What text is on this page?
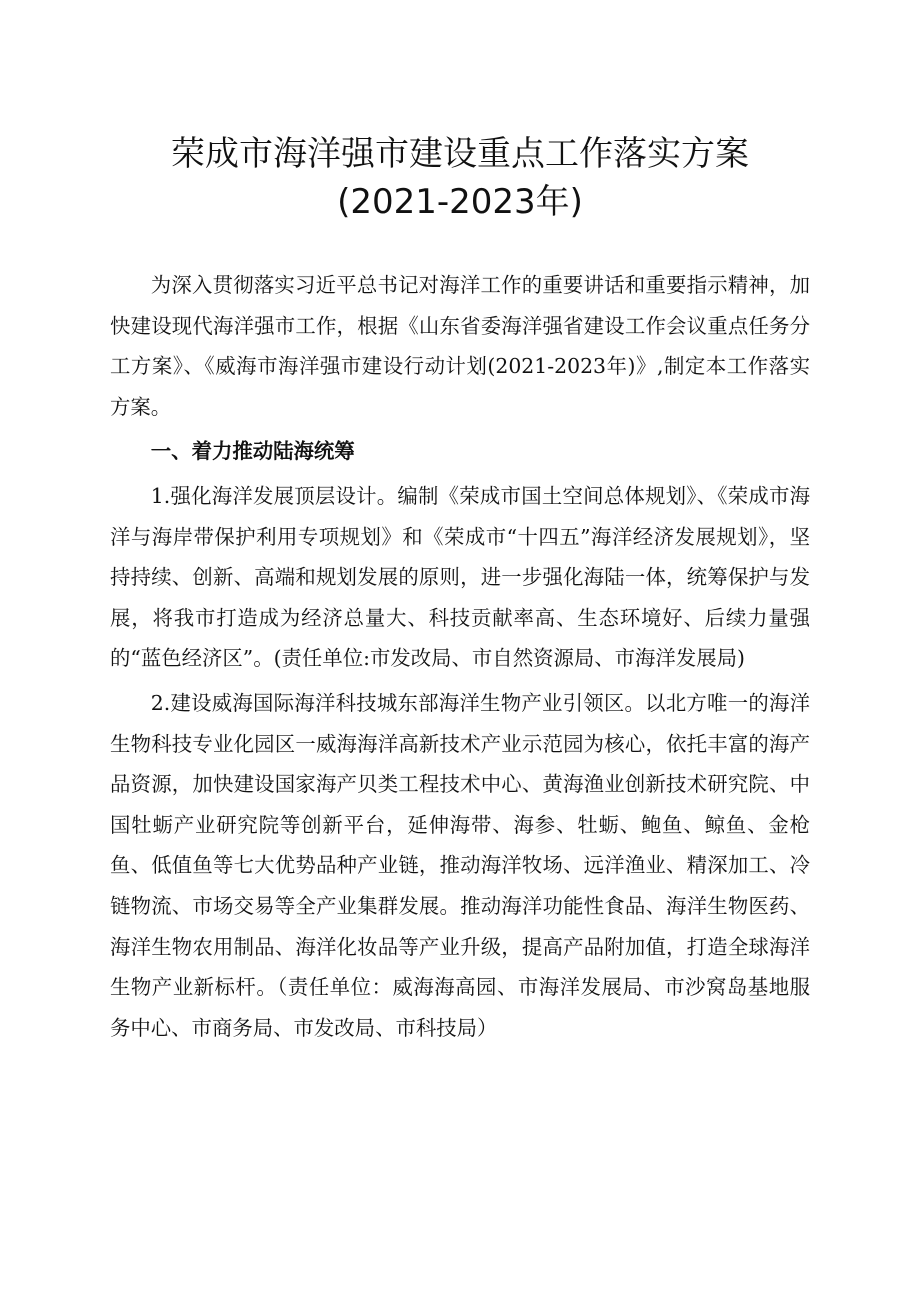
荣成市海洋强市建设重点工作落实方案
(2021-2023年)

为深入贯彻落实习近平总书记对海洋工作的重要讲话和重要指示精神，加快建设现代海洋强市工作，根据《山东省委海洋强省建设工作会议重点任务分工方案》、《威海市海洋强市建设行动计划(2021-2023年)》,制定本工作落实方案。

一、着力推动陆海统筹

1.强化海洋发展顶层设计。编制《荣成市国土空间总体规划》、《荣成市海洋与海岸带保护利用专项规划》和《荣成市“十四五”海洋经济发展规划》，坚持持续、创新、高端和规划发展的原则，进一步强化海陆一体，统筹保护与发展，将我市打造成为经济总量大、科技贡献率高、生态环境好、后续力量强的“蓝色经济区”。(责任单位:市发改局、市自然资源局、市海洋发展局)

2.建设威海国际海洋科技城东部海洋生物产业引领区。以北方唯一的海洋生物科技专业化园区一威海海洋高新技术产业示范园为核心，依托丰富的海产品资源，加快建设国家海产贝类工程技术中心、黄海渔业创新技术研究院、中国牡蛎产业研究院等创新平台，延伸海带、海参、牡蛎、鲍鱼、鲸鱼、金枪鱼、低值鱼等七大优势品种产业链，推动海洋牧场、远洋渔业、精深加工、冷链物流、市场交易等全产业集群发展。推动海洋功能性食品、海洋生物医药、海洋生物农用制品、海洋化妆品等产业升级，提高产品附加值，打造全球海洋生物产业新标杆。（责任单位：威海海高园、市海洋发展局、市沙窝岛基地服务中心、市商务局、市发改局、市科技局）
